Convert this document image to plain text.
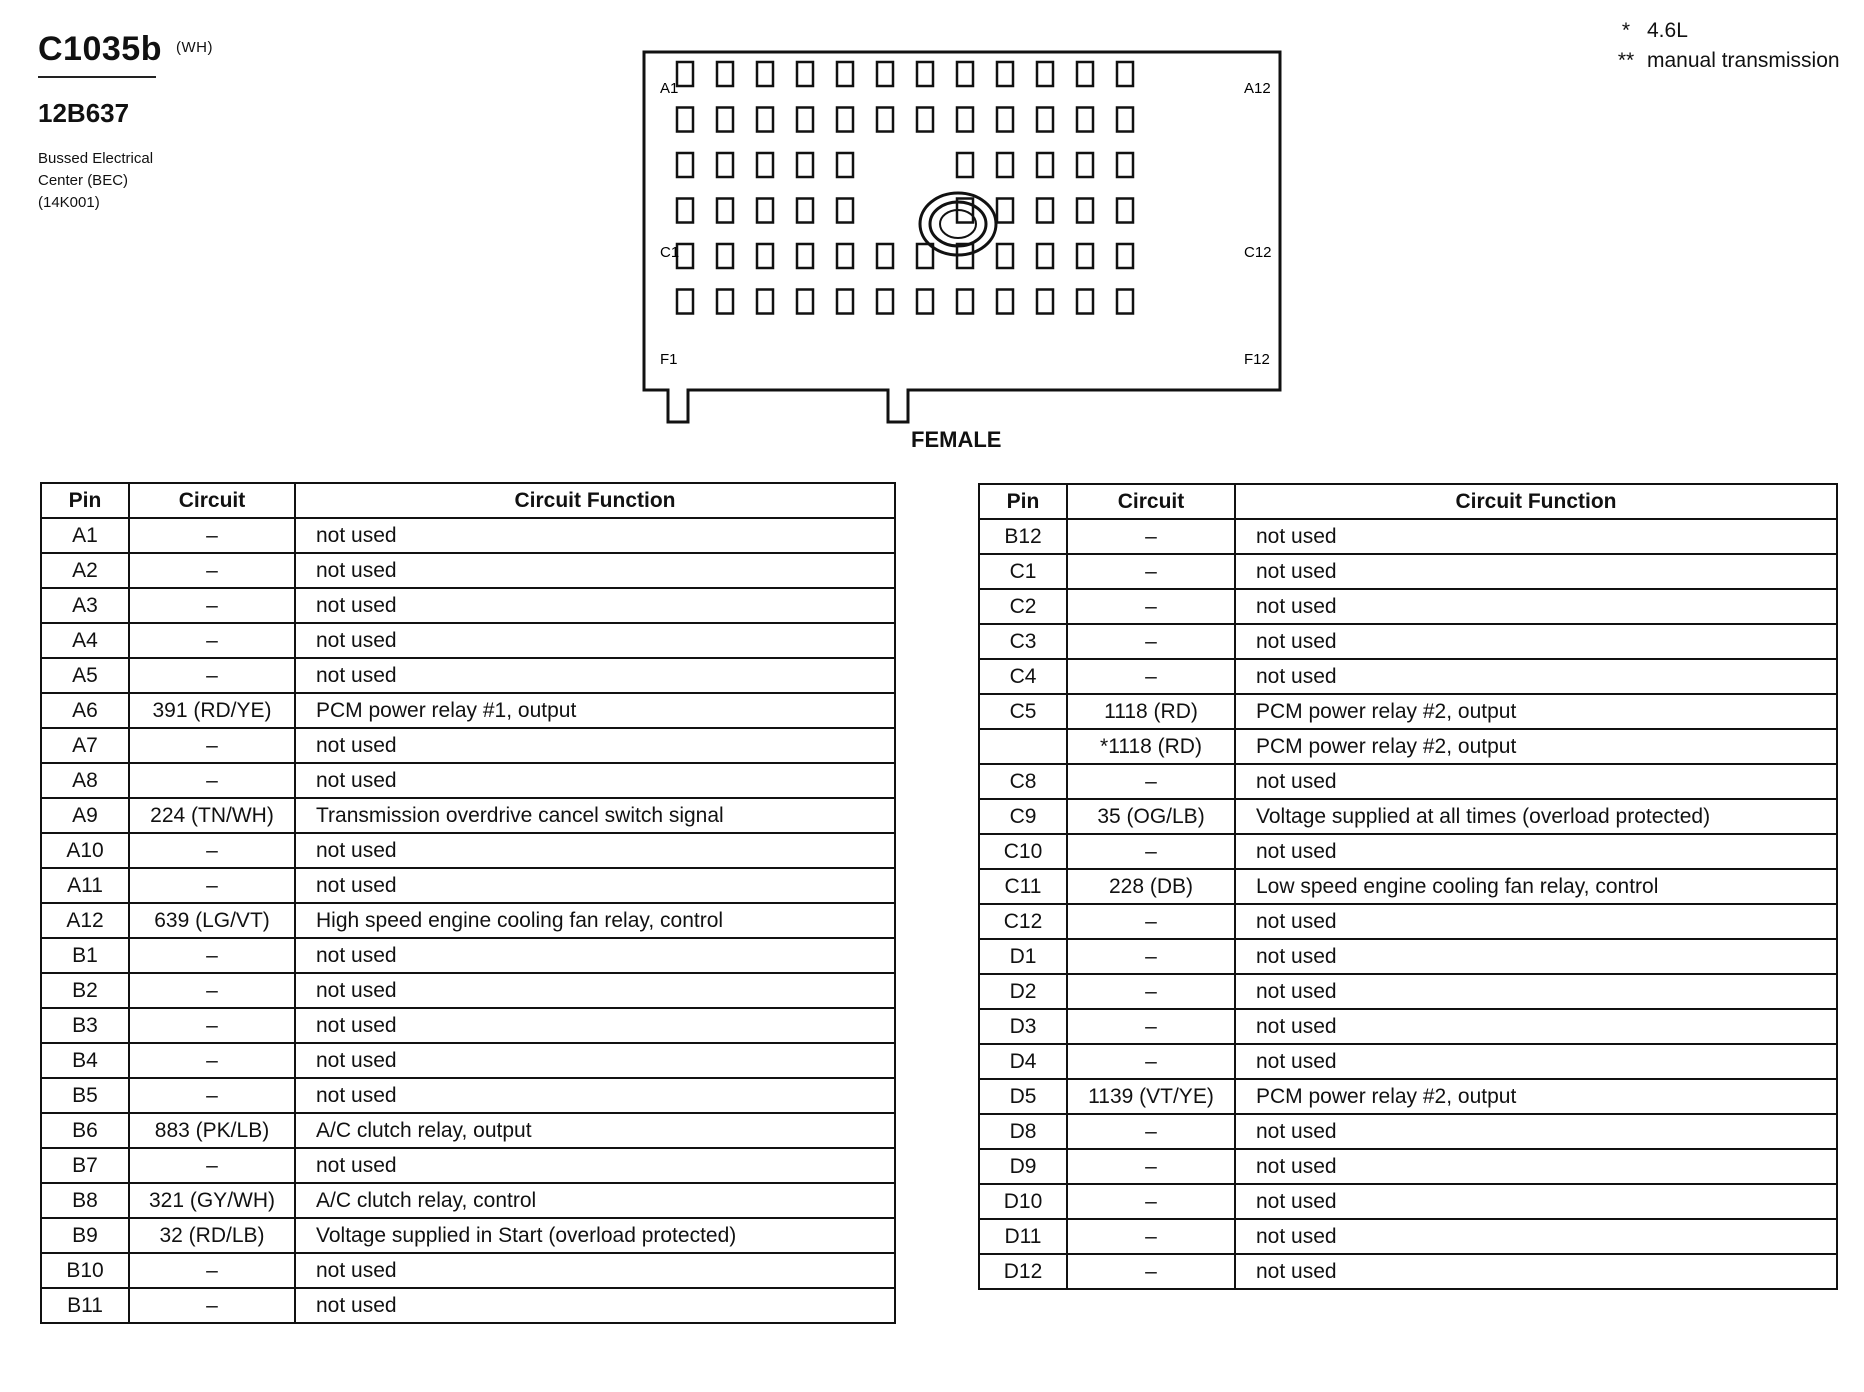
C1035b $^{(WH)}$
12B637
Bussed Electrical
Center (BEC)
(14K001)
* 4.6L
** manual transmission
A1	A12
C1	C12
F1	F12
FEMALE
Pin	Circuit	Circuit Function
A1	–	not used
A2	–	not used
A3	–	not used
A4	–	not used
A5	–	not used
A6	391 (RD/YE)	PCM power relay #1, output
A7	–	not used
A8	–	not used
A9	224 (TN/WH)	Transmission overdrive cancel switch signal
A10	–	not used
A11	–	not used
A12	639 (LG/VT)	High speed engine cooling fan relay, control
B1	–	not used
B2	–	not used
B3	–	not used
B4	–	not used
B5	–	not used
B6	883 (PK/LB)	A/C clutch relay, output
B7	–	not used
B8	321 (GY/WH)	A/C clutch relay, control
B9	32 (RD/LB)	Voltage supplied in Start (overload protected)
B10	–	not used
B11	–	not used
Pin	Circuit	Circuit Function
B12	–	not used
C1	–	not used
C2	–	not used
C3	–	not used
C4	–	not used
C5	1118 (RD)	PCM power relay #2, output
	*1118 (RD)	PCM power relay #2, output
C8	–	not used
C9	35 (OG/LB)	Voltage supplied at all times (overload protected)
C10	–	not used
C11	228 (DB)	Low speed engine cooling fan relay, control
C12	–	not used
D1	–	not used
D2	–	not used
D3	–	not used
D4	–	not used
D5	1139 (VT/YE)	PCM power relay #2, output
D8	–	not used
D9	–	not used
D10	–	not used
D11	–	not used
D12	–	not used
